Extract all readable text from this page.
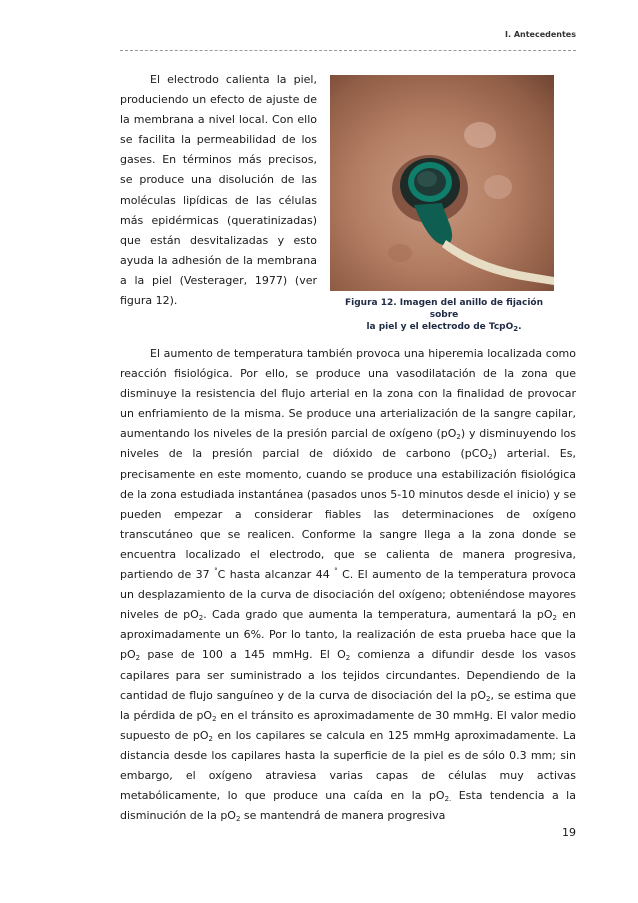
I. Antecedentes

El electrodo calienta la piel, produciendo un efecto de ajuste de la membrana a nivel local. Con ello se facilita la permeabilidad de los gases. En términos más precisos, se produce una disolución de las moléculas lipídicas de las células más epidérmicas (queratinizadas) que están desvitalizadas y esto ayuda la adhesión de la membrana a la piel (Vesterager, 1977) (ver figura 12).	Figura 12. Imagen del anillo de fijación sobre
la piel y el electrodo de TcpO$_2$.

El aumento de temperatura también provoca una hiperemia localizada como reacción fisiológica. Por ello, se produce una vasodilatación de la zona que disminuye la resistencia del flujo arterial en la zona con la finalidad de provocar un enfriamiento de la misma. Se produce una arterialización de la sangre capilar, aumentando los niveles de la presión parcial de oxígeno $(pO_2)$ y disminuyendo los niveles de la presión parcial de dióxido de carbono (pCO$_2$) arterial. Es, precisamente en este momento, cuando se produce una estabilización fisiológica de la zona estudiada instantánea (pasados unos 5-10 minutos desde el inicio) y se pueden empezar a considerar fiables las determinaciones de oxígeno transcutáneo que se realicen. Conforme la sangre llega a la zona donde se encuentra localizado el electrodo, que se calienta de manera progresiva, partiendo de 37 °C hasta alcanzar 44 ° C. El aumento de la temperatura provoca un desplazamiento de la curva de disociación del oxígeno; obteniéndose mayores niveles de $pO_2$. Cada grado que aumenta la temperatura, aumentará la $pO_2$ en aproximadamente un 6%. Por lo tanto, la realización de esta prueba hace que la $pO_2$ pase de 100 a 145 mmHg. El $O_2$ comienza a difundir desde los vasos capilares para ser suministrado a los tejidos circundantes. Dependiendo de la cantidad de flujo sanguíneo y de la curva de disociación del la $pO_2$, se estima que la pérdida de $pO_2$ en el tránsito es aproximadamente de 30 mmHg. El valor medio supuesto de $pO_2$ en los capilares se calcula en 125 mmHg aproximadamente. La distancia desde los capilares hasta la superficie de la piel es de sólo 0.3 mm; sin embargo, el oxígeno atraviesa varias capas de células muy activas metabólicamente, lo que produce una caída en la $pO_{2.}$ Esta tendencia a la disminución de la $pO_2$ se mantendrá de manera progresiva

19
